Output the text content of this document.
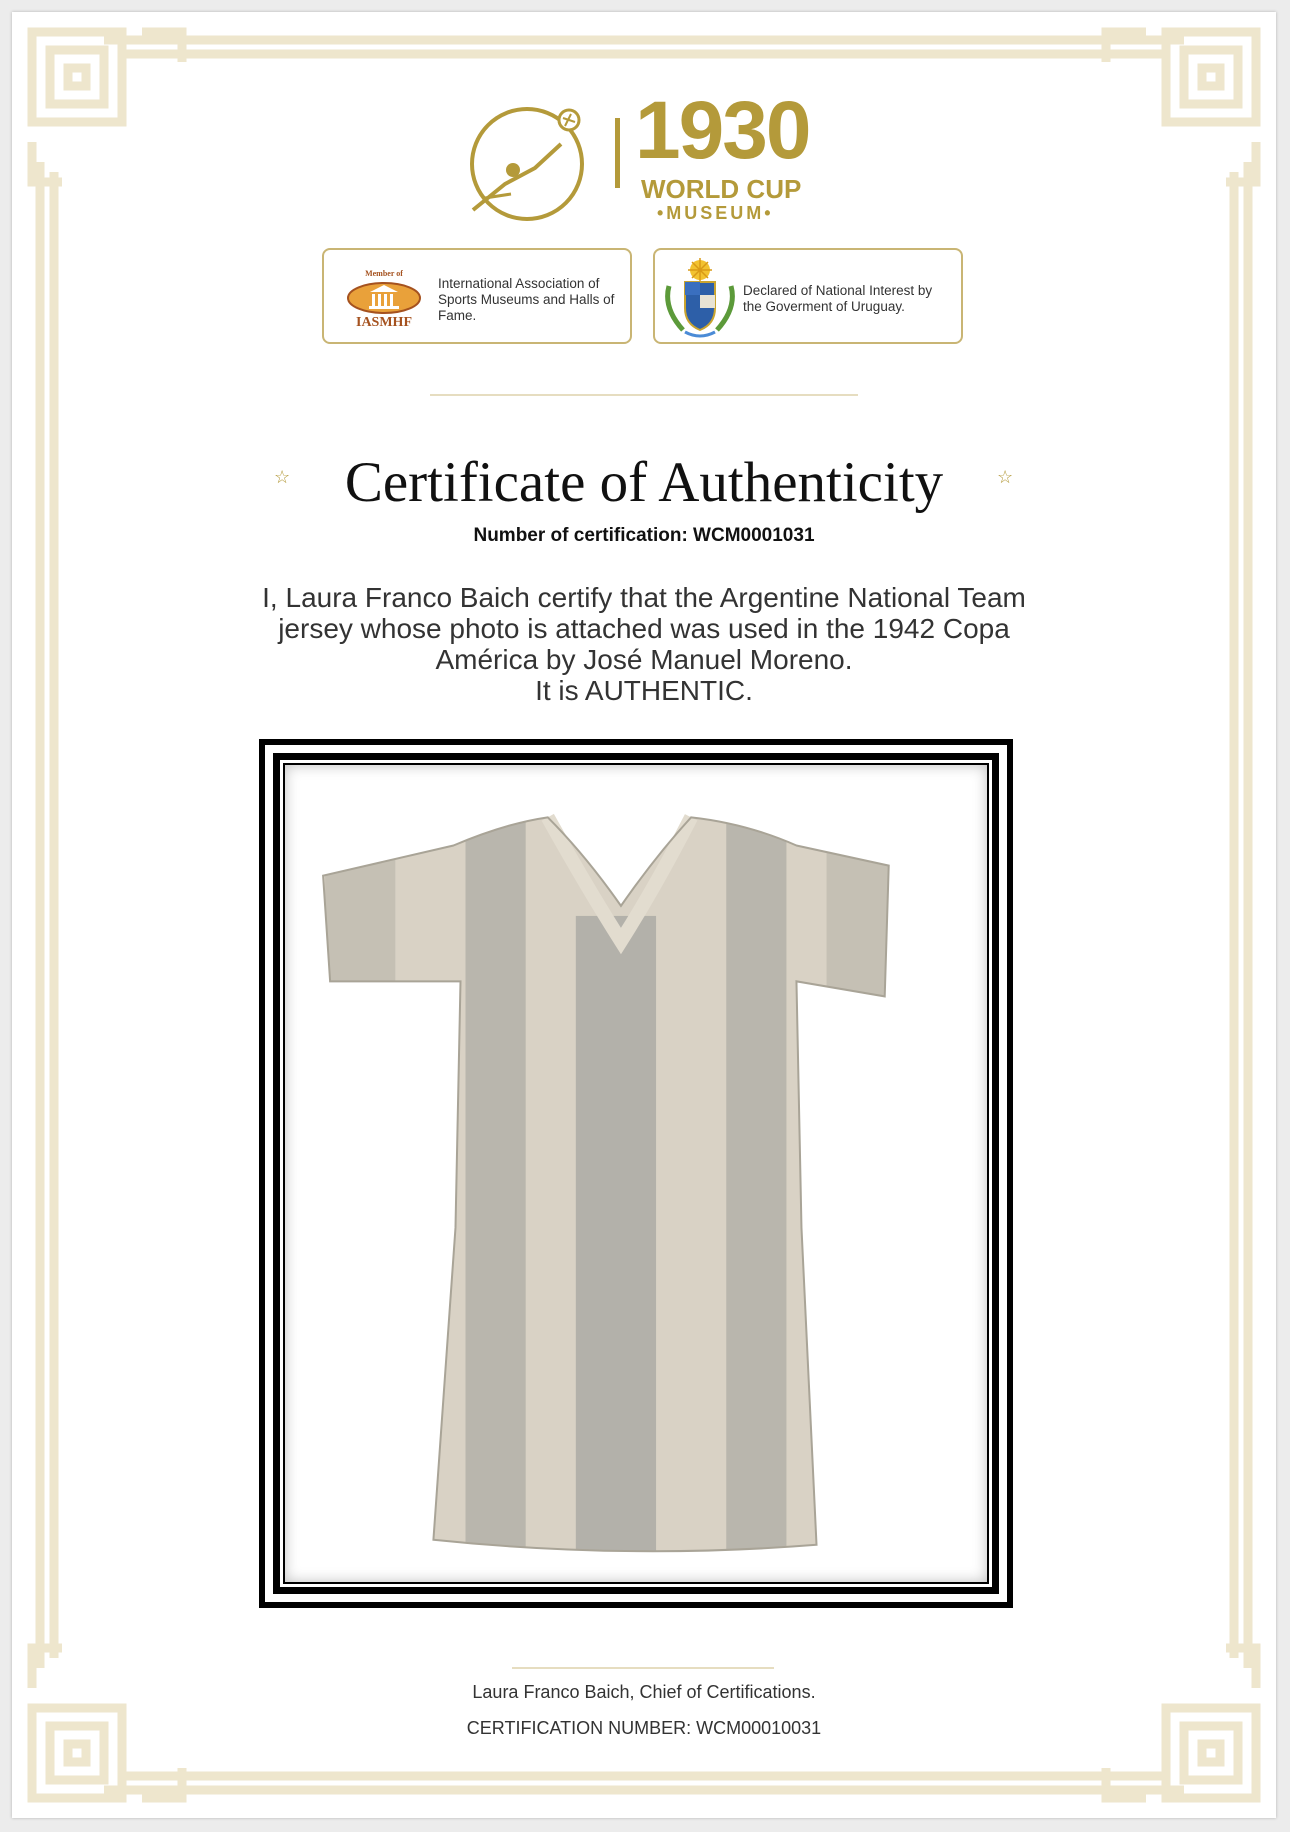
1930
WORLD CUP
•MUSEUM•
Member of
IASMHF
International Association of Sports Museums and Halls of Fame.
Declared of National Interest by the Goverment of Uruguay.
☆ Certificate of Authenticity	☆
Number of certification: WCM0001031
I, Laura Franco Baich certify that the Argentine National Team
jersey whose photo is attached was used in the 1942 Copa
América by José Manuel Moreno.
It is AUTHENTIC.
Laura Franco Baich, Chief of Certifications.
CERTIFICATION NUMBER: WCM00010031
